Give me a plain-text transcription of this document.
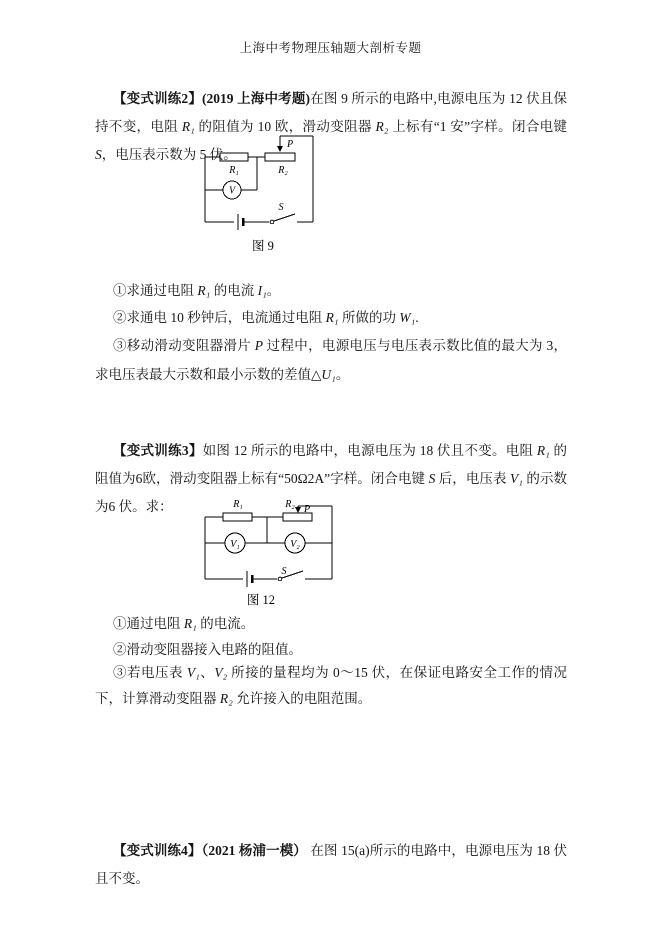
上海中考物理压轴题大剖析专题
【变式训练2】(2019 上海中考题)在图 9 所示的电路中,电源电压为 12 伏且保持不变，电阻 R₁ 的阻值为 10 欧，滑动变阻器 R₂ 上标有“1 安”字样。闭合电键 S，电压表示数为 5 伏。
V
R₁	R₂
P
S
图 9
①求通过电阻 R₁ 的电流 I₁。
②求通电 10 秒钟后，电流通过电阻 R₁ 所做的功 W₁.
③移动滑动变阻器滑片 P 过程中，电源电压与电压表示数比值的最大为 3，求电压表最大示数和最小示数的差值△U₁。
【变式训练3】如图 12 所示的电路中，电源电压为 18 伏且不变。电阻 R₁ 的阻值为6欧，滑动变阻器上标有“50Ω2A”字样。闭合电键 S 后，电压表 V₁ 的示数为6 伏。求：	R₁	R₂ P
V₁	V₂
S
图 12
①通过电阻 R₁ 的电流。
②滑动变阻器接入电路的阻值。
③若电压表 V₁、V₂ 所接的量程均为 0～15 伏，在保证电路安全工作的情况下，计算滑动变阻器 R₂ 允许接入的电阻范围。
【变式训练4】（2021 杨浦一模） 在图 15(a)所示的电路中，电源电压为 18 伏且不变。
